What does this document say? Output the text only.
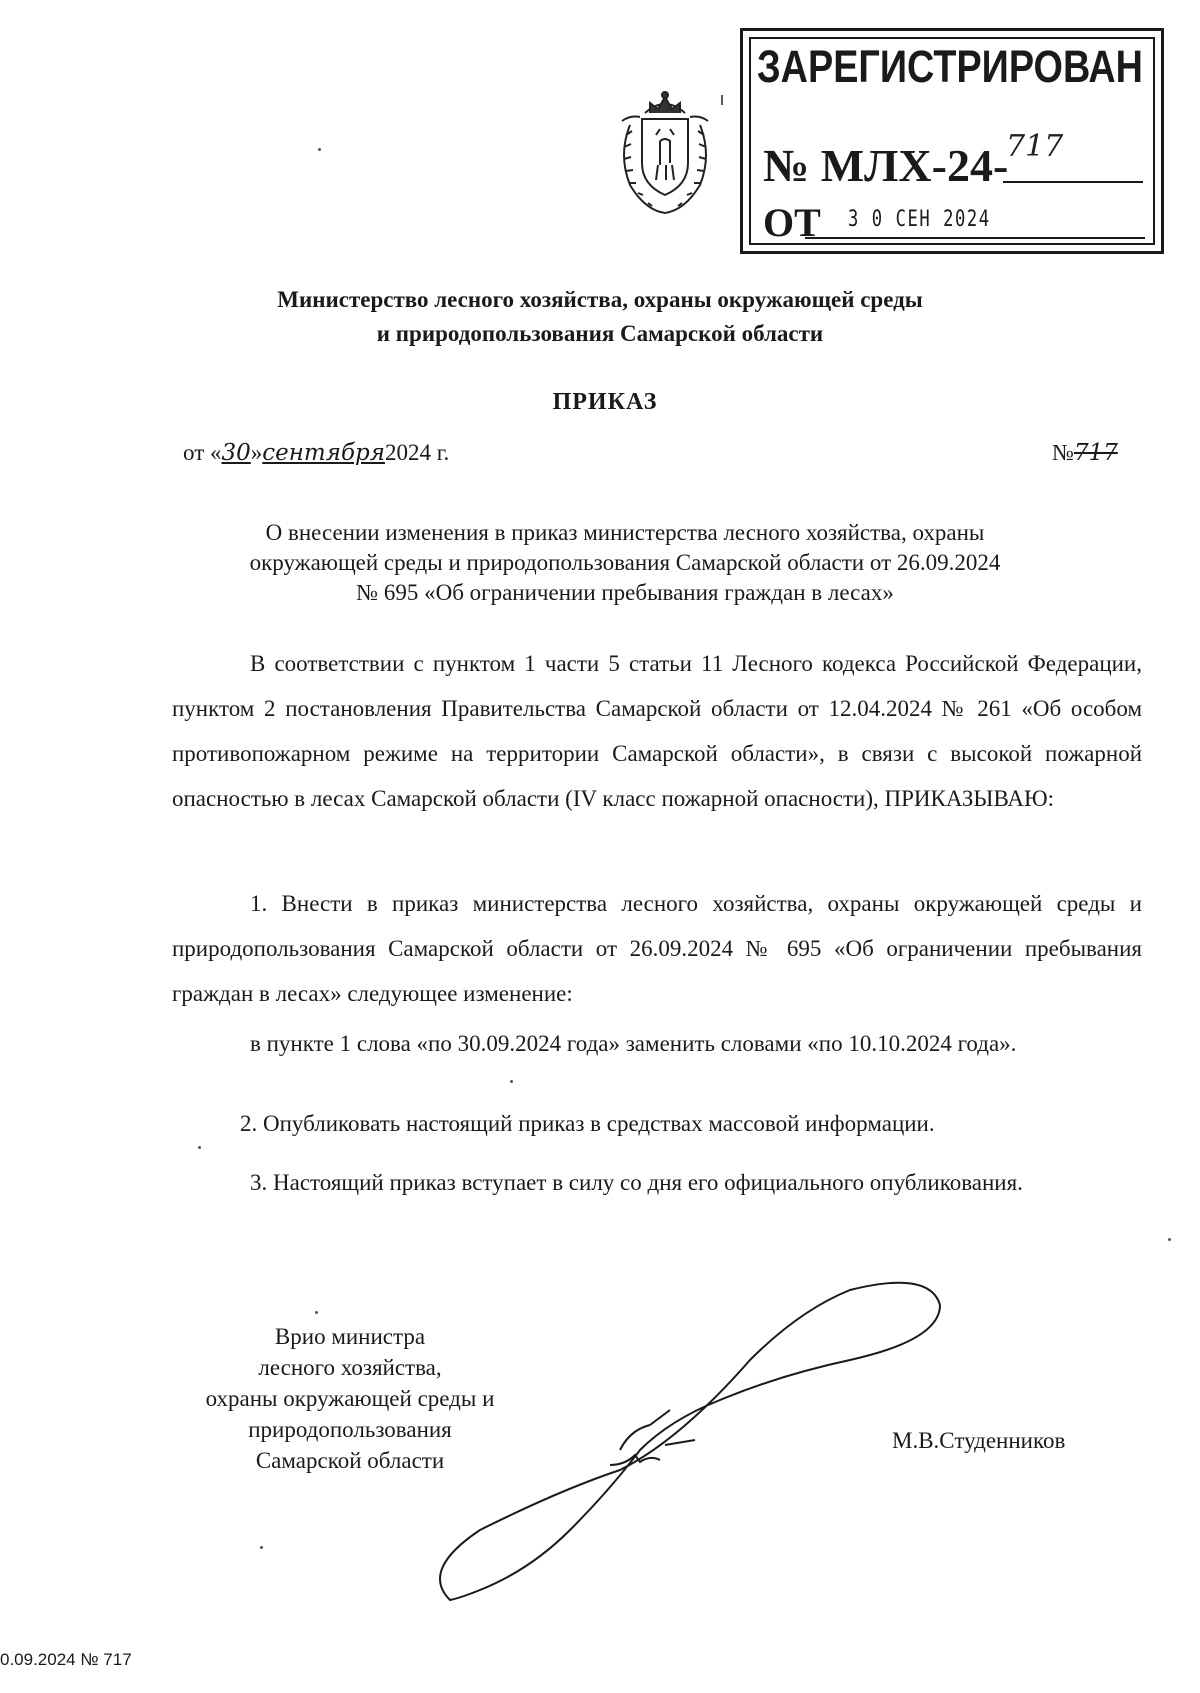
ЗАРЕГИСТРИРОВАН
№ МЛХ-24-
717
ОТ 3 0 СЕН 2024
Министерство лесного хозяйства, охраны окружающей среды
и природопользования Самарской области
ПРИКАЗ
от «30»сентября2024 г.	№717
О внесении изменения в приказ министерства лесного хозяйства, охраны
окружающей среды и природопользования Самарской области от 26.09.2024
№ 695 «Об ограничении пребывания граждан в лесах»
В соответствии с пунктом 1 части 5 статьи 11 Лесного кодекса Российской Федерации, пунктом 2 постановления Правительства Самарской области от 12.04.2024 № 261 «Об особом противопожарном режиме на территории Самарской области», в связи с высокой пожарной опасностью в лесах Самарской области (IV класс пожарной опасности), ПРИКАЗЫВАЮ:
1. Внести в приказ министерства лесного хозяйства, охраны окружающей среды и природопользования Самарской области от 26.09.2024 № 695 «Об ограничении пребывания граждан в лесах» следующее изменение:
в пункте 1 слова «по 30.09.2024 года» заменить словами «по 10.10.2024 года».
2. Опубликовать настоящий приказ в средствах массовой информации.
3. Настоящий приказ вступает в силу со дня его официального опубликования.
Врио министра
лесного хозяйства,
охраны окружающей среды и
природопользования
Самарской области
М.В.Студенников
0.09.2024 № 717
